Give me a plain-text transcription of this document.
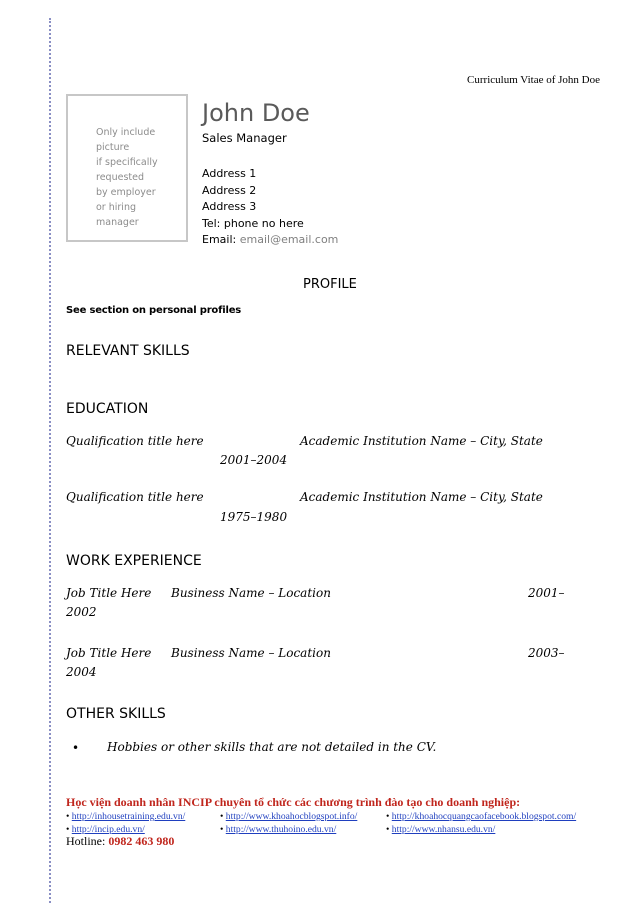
Curriculum Vitae of John Doe
Only include
picture
if specifically
requested
by employer
or hiring
manager
John Doe
Sales Manager
Address 1
Address 2
Address 3
Tel: phone no here
Email: email@email.com
PROFILE
See section on personal profiles
RELEVANT SKILLS
EDUCATION
Qualification title here	Academic Institution Name – City, State
2001–2004
Qualification title here	Academic Institution Name – City, State
1975–1980
WORK EXPERIENCE
Job Title Here Business Name – Location	2001–
2002
Job Title Here Business Name – Location	2003–
2004
OTHER SKILLS
• Hobbies or other skills that are not detailed in the CV.
Học viện doanh nhân INCIP chuyên tổ chức các chương trình đào tạo cho doanh nghiệp:
• http://inhousetraining.edu.vn/	• http://www.khoahocblogspot.info/	• http://khoahocquangcaofacebook.blogspot.com/
• http://incip.edu.vn/	• http://www.thuhoino.edu.vn/	• http://www.nhansu.edu.vn/
Hotline: 0982 463 980
